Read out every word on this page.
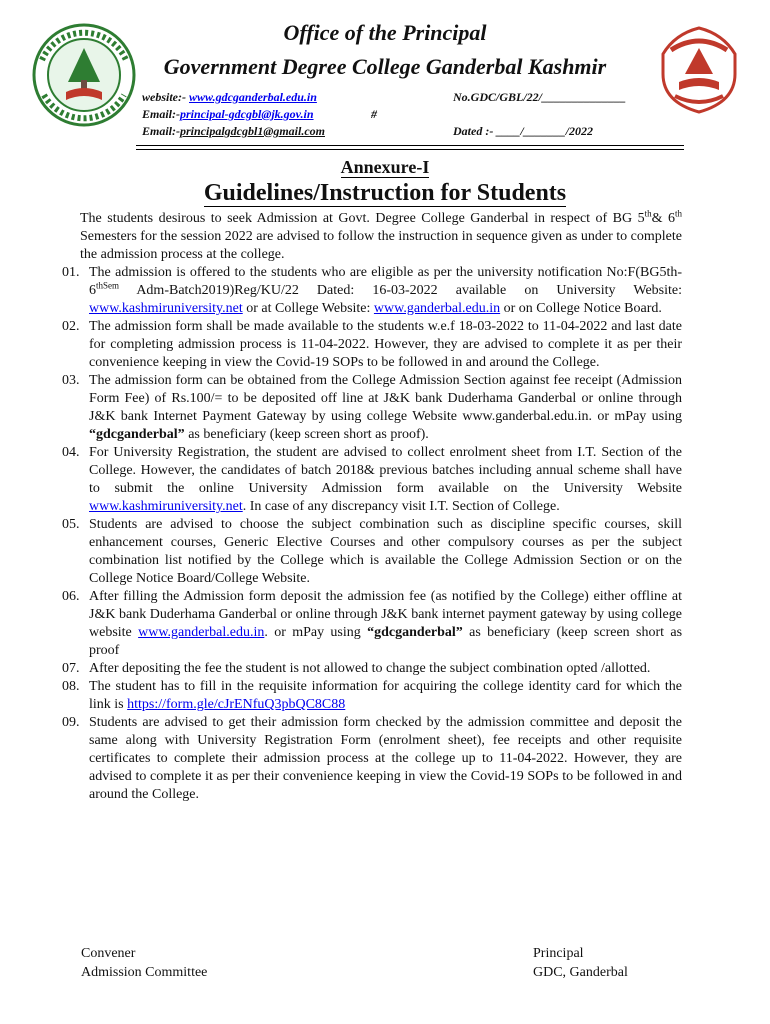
Office of the Principal
Government Degree College Ganderbal Kashmir
website:- www.gdcganderbal.edu.in
Email:-principal-gdcgbl@jk.gov.in
Email:-principalgdcgbl1@gmail.com
#
No.GDC/GBL/22/______________
Dated :- ____/_______/2022
Annexure-I
Guidelines/Instruction for Students
The students desirous to seek Admission at Govt. Degree College Ganderbal in respect of BG 5th& 6th Semesters for the session 2022 are advised to follow the instruction in sequence given as under to complete the admission process at the college.
01. The admission is offered to the students who are eligible as per the university notification $No:F(BG5th-6^{thSem}$ Adm-Batch2019)Reg/KU/22 Dated: 16-03-2022 available on University Website: www.kashmiruniversity.net or at College Website: www.ganderbal.edu.in or on College Notice Board.
02. The admission form shall be made available to the students w.e.f 18-03-2022 to 11-04-2022 and last date for completing admission process is 11-04-2022. However, they are advised to complete it as per their convenience keeping in view the Covid-19 SOPs to be followed in and around the College.
03. The admission form can be obtained from the College Admission Section against fee receipt (Admission Form Fee) of Rs.100/= to be deposited off line at J&K bank Duderhama Ganderbal or online through J&K bank Internet Payment Gateway by using college Website www.ganderbal.edu.in. or mPay using “gdcganderbal” as beneficiary (keep screen short as proof).
04. For University Registration, the student are advised to collect enrolment sheet from I.T. Section of the College. However, the candidates of batch 2018& previous batches including annual scheme shall have to submit the online University Admission form available on the University Website www.kashmiruniversity.net. In case of any discrepancy visit I.T. Section of College.
05. Students are advised to choose the subject combination such as discipline specific courses, skill enhancement courses, Generic Elective Courses and other compulsory courses as per the subject combination list notified by the College which is available the College Admission Section or on the College Notice Board/College Website.
06. After filling the Admission form deposit the admission fee (as notified by the College) either offline at J&K bank Duderhama Ganderbal or online through J&K bank internet payment gateway by using college website www.ganderbal.edu.in. or mPay using “gdcganderbal” as beneficiary (keep screen short as proof
07. After depositing the fee the student is not allowed to change the subject combination opted /allotted.
08. The student has to fill in the requisite information for acquiring the college identity card for which the link is https://form.gle/cJrENfuQ3pbQC8C88
09. Students are advised to get their admission form checked by the admission committee and deposit the same along with University Registration Form (enrolment sheet), fee receipts and other requisite certificates to complete their admission process at the college up to 11-04-2022. However, they are advised to complete it as per their convenience keeping in view the Covid-19 SOPs to be followed in and around the College.
Convener
Admission Committee
Principal
GDC, Ganderbal
